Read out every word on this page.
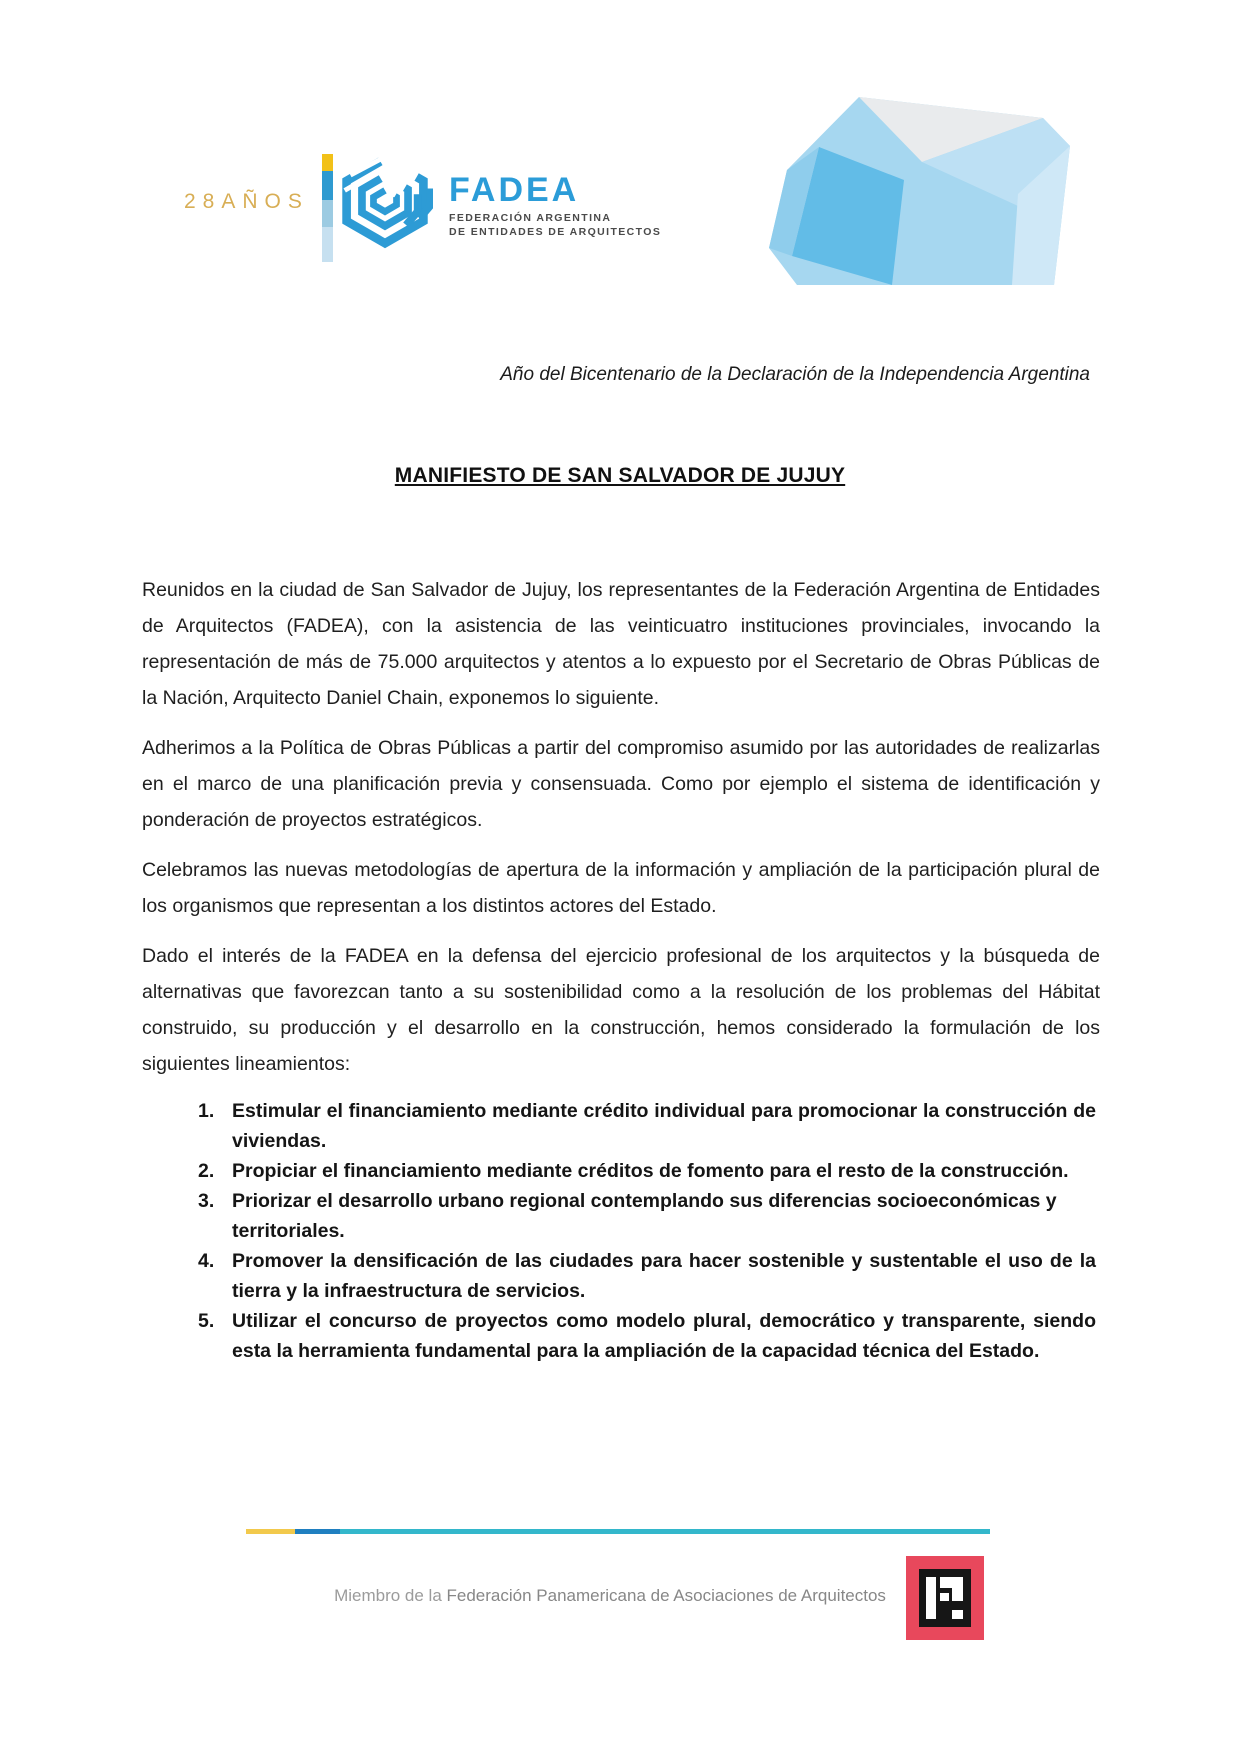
28AÑOS	FADEA
FEDERACIÓN ARGENTINA
DE ENTIDADES DE ARQUITECTOS

Año del Bicentenario de la Declaración de la Independencia Argentina

MANIFIESTO DE SAN SALVADOR DE JUJUY

Reunidos en la ciudad de San Salvador de Jujuy, los representantes de la Federación Argentina de Entidades de Arquitectos (FADEA), con la asistencia de las veinticuatro instituciones provinciales, invocando la representación de más de 75.000 arquitectos y atentos a lo expuesto por el Secretario de Obras Públicas de la Nación, Arquitecto Daniel Chain, exponemos lo siguiente.

Adherimos a la Política de Obras Públicas a partir del compromiso asumido por las autoridades de realizarlas en el marco de una planificación previa y consensuada. Como por ejemplo el sistema de identificación y ponderación de proyectos estratégicos.

Celebramos las nuevas metodologías de apertura de la información y ampliación de la participación plural de los organismos que representan a los distintos actores del Estado.

Dado el interés de la FADEA en la defensa del ejercicio profesional de los arquitectos y la búsqueda de alternativas que favorezcan tanto a su sostenibilidad como a la resolución de los problemas del Hábitat construido, su producción y el desarrollo en la construcción, hemos considerado la formulación de los siguientes lineamientos:

1. Estimular el financiamiento mediante crédito individual para promocionar la construcción de viviendas.
2. Propiciar el financiamiento mediante créditos de fomento para el resto de la construcción.
3. Priorizar el desarrollo urbano regional contemplando sus diferencias socioeconómicas y territoriales.
4. Promover la densificación de las ciudades para hacer sostenible y sustentable el uso de la tierra y la infraestructura de servicios.
5. Utilizar el concurso de proyectos como modelo plural, democrático y transparente, siendo esta la herramienta fundamental para la ampliación de la capacidad técnica del Estado.

Miembro de la Federación Panamericana de Asociaciones de Arquitectos
